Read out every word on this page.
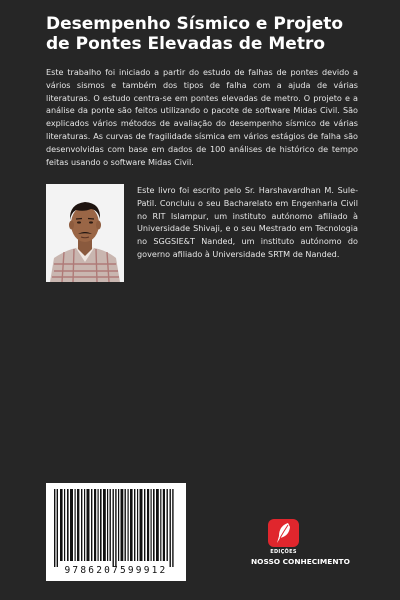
Desempenho Sísmico e Projeto
de Pontes Elevadas de Metro

Este trabalho foi iniciado a partir do estudo de falhas de pontes devido a vários sismos e também dos tipos de falha com a ajuda de várias literaturas. O estudo centra-se em pontes elevadas de metro. O projeto e a análise da ponte são feitos utilizando o pacote de software Midas Civil. São explicados vários métodos de avaliação do desempenho sísmico de várias literaturas. As curvas de fragilidade sísmica em vários estágios de falha são desenvolvidas com base em dados de 100 análises de histórico de tempo feitas usando o software Midas Civil.

Este livro foi escrito pelo Sr. Harshavardhan M. Sule-Patil. Concluiu o seu Bacharelato em Engenharia Civil no RIT Islampur, um instituto autónomo afiliado à Universidade Shivaji, e o seu Mestrado em Tecnologia no SGGSIE&T Nanded, um instituto autónomo do governo afiliado à Universidade SRTM de Nanded.

9786207599912
EDIÇÕES
NOSSO CONHECIMENTO
